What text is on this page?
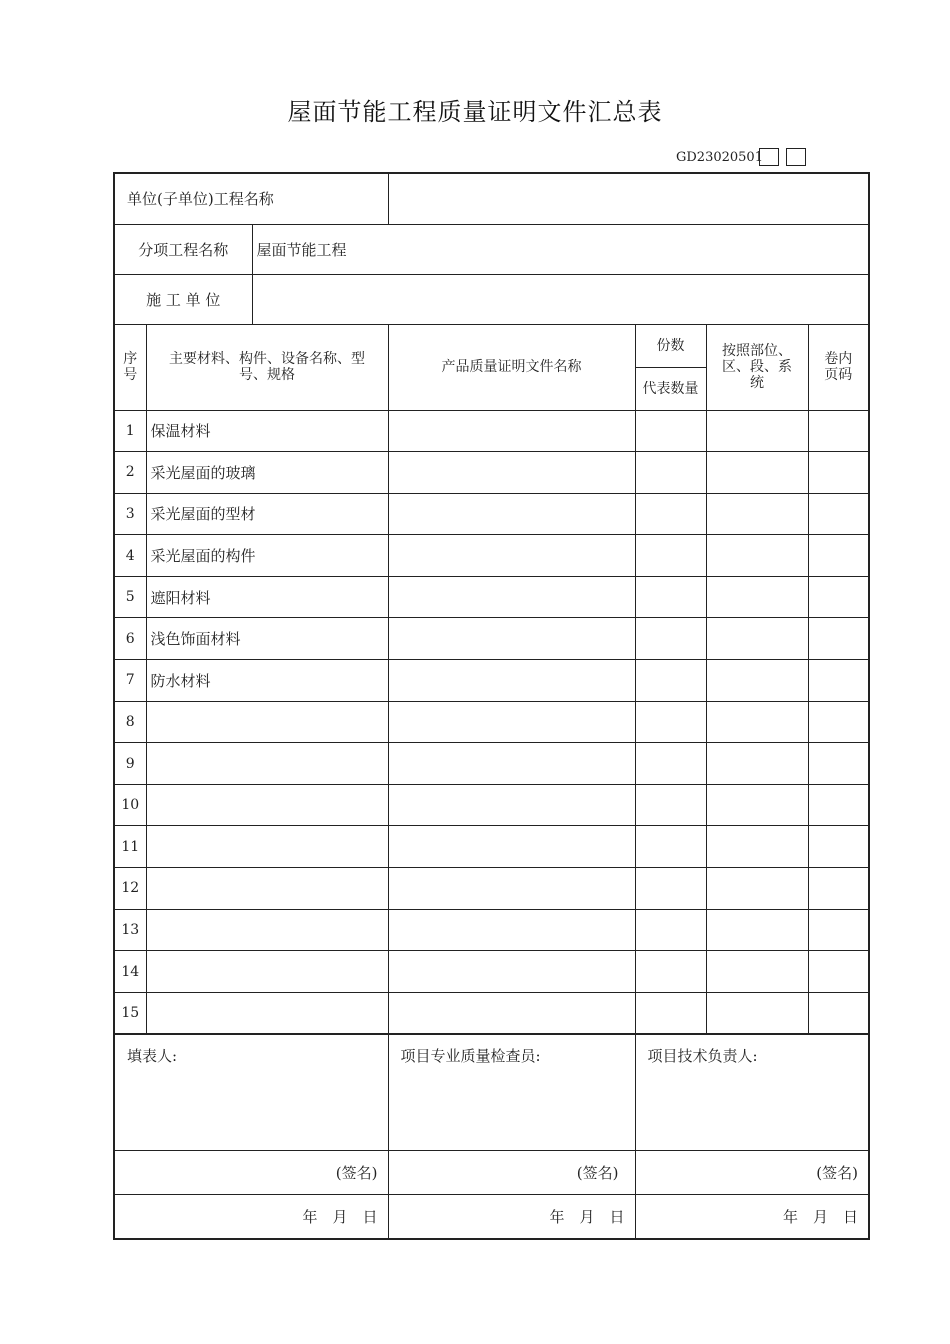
屋面节能工程质量证明文件汇总表
GD23020501
单位(子单位)工程名称						
分项工程名称		屋面节能工程				
施 工 单 位						

序号	主要材料、构件、设备名称、型号、规格		产品质量证明文件名称	份数	按照部位、区、段、系统	卷内页码

				代表数量		
1	保温材料					
2	采光屋面的玻璃					
3	采光屋面的型材					
4	采光屋面的构件					
5	遮阳材料					
6	浅色饰面材料					
7	防水材料					
8						
9						
10						
11						
12						
13						
14						
15						
填表人:	项目专业质量检查员:	项目技术负责人:
(签名)	(签名)	(签名)
年　月　日	年　月　日	年　月　日
